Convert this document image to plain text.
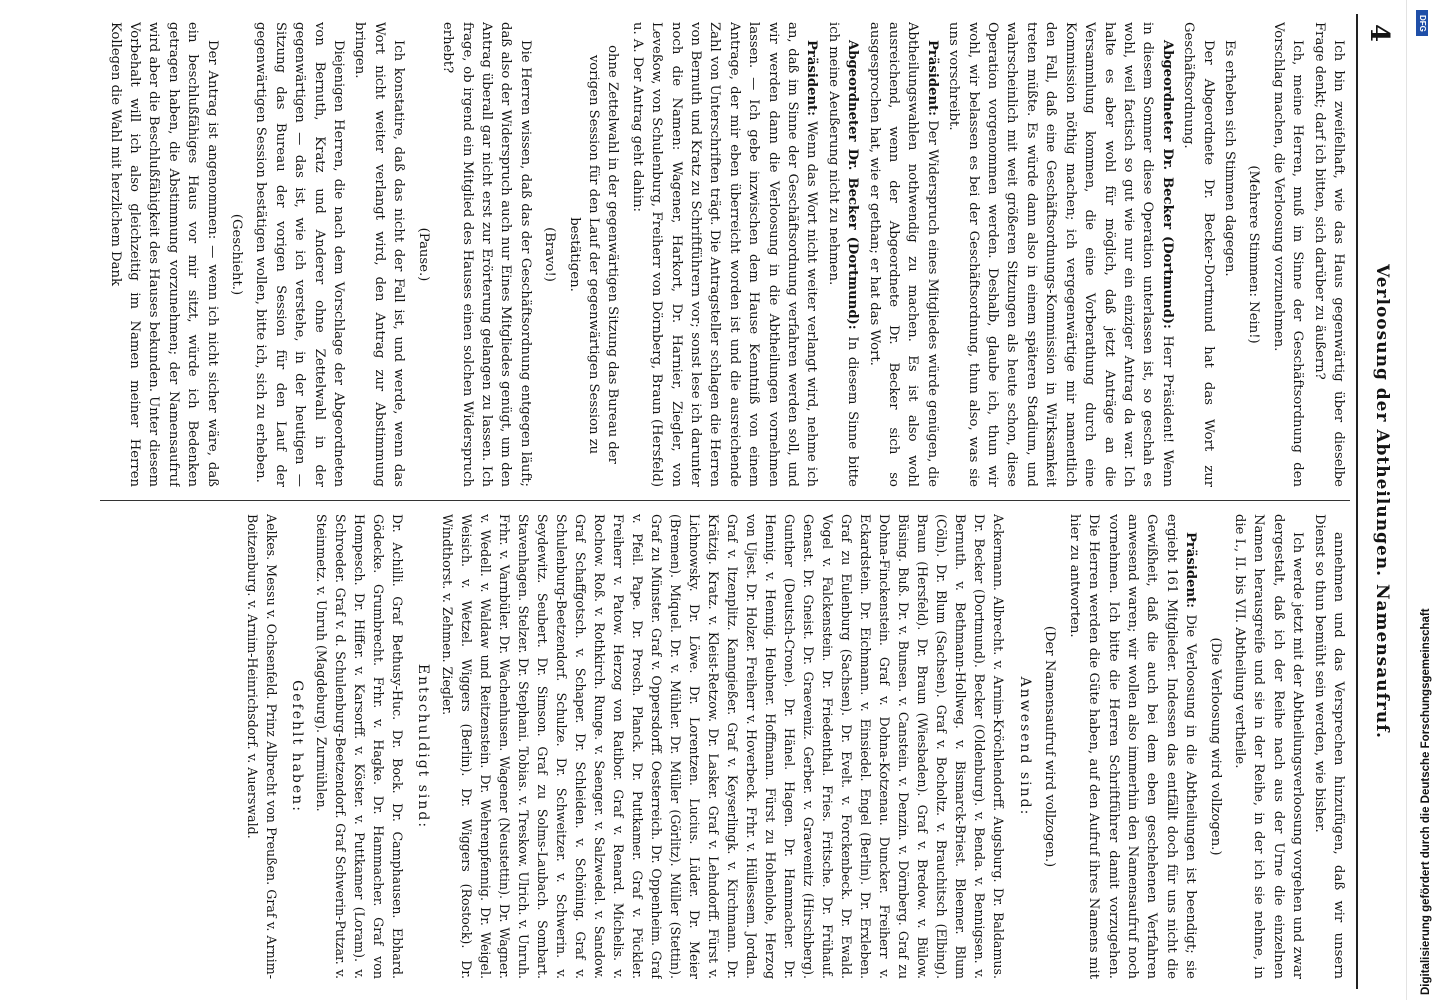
4
Verloosung der Abtheilungen. Namensaufruf.
Ich bin zweifelhaft, wie das Haus gegenwärtig über dieselbe Frage denkt; darf ich bitten, sich darüber zu äußern?
Ich, meine Herren, muß im Sinne der Geschäftsordnung den Vorschlag machen, die Verloosung vorzunehmen.
(Mehrere Stimmen: Nein!)
Es erheben sich Stimmen dagegen.
Der Abgeordnete Dr. Becker-Dortmund hat das Wort zur Geschäftsordnung.
Abgeordneter Dr. Becker (Dortmund): Herr Präsident! Wenn in diesem Sommer diese Operation unterlassen ist, so geschah es wohl, weil factisch so gut wie nur ein einziger Antrag da war. Ich halte es aber wohl für möglich, daß jetzt Anträge an die Versammlung kommen, die eine Vorberathung durch eine Kommission nöthig machen; ich vergegenwärtige mir namentlich den Fall, daß eine Geschäftsordnungs-Kommission in Wirksamkeit treten müßte. Es würde dann also in einem späteren Stadium, und wahrscheinlich mit weit größeren Sitzungen als heute schon, diese Operation vorgenommen werden. Deshalb, glaube ich, thun wir wohl, wir belassen es bei der Geschäftsordnung, thun also, was sie uns vorschreibt.
Präsident: Der Widerspruch eines Mitgliedes würde genügen, die Abtheilungswahlen nothwendig zu machen. Es ist also wohl ausreichend, wenn der Abgeordnete Dr. Becker sich so ausgesprochen hat, wie er gethan; er hat das Wort.
Abgeordneter Dr. Becker (Dortmund): In diesem Sinne bitte ich meine Aeußerung nicht zu nehmen.
Präsident: Wenn das Wort nicht weiter verlangt wird, nehme ich an, daß im Sinne der Geschäftsordnung verfahren werden soll, und wir werden dann die Verloosung in die Abtheilungen vornehmen lassen. — Ich gebe inzwischen dem Hause Kenntniß von einem Antrage, der mir eben überreicht worden ist und die ausreichende Zahl von Unterschriften trägt. Die Antragsteller schlagen die Herren von Bernuth und Kratz zu Schriftführern vor; sonst lese ich darunter noch die Namen: Wagener, Harkort, Dr. Harnier, Ziegler, von Leveßow, von Schulenburg, Freiherr von Dörnberg, Braun (Hersfeld) u. A. Der Antrag geht dahin:
ohne Zettelwahl in der gegenwärtigen Sitzung das Bureau der vorigen Session für den Lauf der gegenwärtigen Session zu bestätigen.
(Bravo!)
Die Herren wissen, daß das der Geschäftsordnung entgegen läuft; daß also der Widerspruch auch nur Eines Mitgliedes genügt, um den Antrag überall gar nicht erst zur Erörterung gelangen zu lassen. Ich frage, ob irgend ein Mitglied des Hauses einen solchen Widerspruch erhebt?
(Pause.)
Ich konstatire, daß das nicht der Fall ist, und werde, wenn das Wort nicht weiter verlangt wird, den Antrag zur Abstimmung bringen.
Diejenigen Herren, die nach dem Vorschlage der Abgeordneten von Bernuth, Kratz und Anderer ohne Zettelwahl in der gegenwärtigen — das ist, wie ich verstehe, in der heutigen — Sitzung das Bureau der vorigen Session für den Lauf der gegenwärtigen Session bestätigen wollen, bitte ich, sich zu erheben.
(Geschieht.)
Der Antrag ist angenommen: — wenn ich nicht sicher wäre, daß ein beschlußfähiges Haus vor mir sitzt, würde ich Bedenken getragen haben, die Abstimmung vorzunehmen; der Namensaufruf wird aber die Beschlußfähigkeit des Hauses bekunden. Unter diesem Vorbehalt will ich also gleichzeitig im Namen meiner Herren Kollegen die Wahl mit herzlichem Dank
annehmen und das Versprechen hinzufügen, daß wir unsern Dienst so thun bemüht sein werden, wie bisher.
Ich werde jetzt mit der Abtheilungsverloosung vorgehen und zwar dergestalt, daß ich der Reihe nach aus der Urne die einzelnen Namen herausgreife und sie in der Reihe, in der ich sie nehme, in die I., II. bis VII. Abtheilung vertheile.
(Die Verloosung wird vollzogen.)
Präsident: Die Verloosung in die Abtheilungen ist beendigt; sie ergiebt 161 Mitglieder. Indessen das entfällt doch für uns nicht die Gewißheit, daß die auch bei dem eben geschehenen Verfahren anwesend waren; wir wollen also immerhin den Namensaufruf noch vornehmen. Ich bitte die Herren Schriftführer damit vorzugehen. Die Herren werden die Güte haben, auf den Aufruf ihres Namens mit hier zu antworten.
(Der Namensaufruf wird vollzogen.)
Anwesend sind:
Ackermann. Albrecht. v. Arnim-Kröchlendorff. Augsburg. Dr. Baldamus. Dr. Becker (Dortmund). Becker (Oldenburg). v. Benda. v. Bennigsen. v. Bernuth. v. Bethmann-Hollweg. v. Bismarck-Briest. Bleemer. Blum (Cöln). Dr. Blum (Sachsen). Graf v. Bocholtz. v. Brauchitsch (Elbing). Braun (Hersfeld). Dr. Braun (Wiesbaden). Graf v. Bredow. v. Bülow. Büsing. Buß. Dr. v. Bunsen. v. Canstein. v. Denzin. v. Dörnberg. Graf zu Dohna-Finckenstein. Graf v. Dohna-Kotzenau. Duncker. Freiherr v. Eckardstein. Dr. Eichmann. v. Einsiedel. Engel (Berlin). Dr. Erxleben. Graf zu Eulenburg (Sachsen). Dr. Evelt. v. Forckenbeck. Dr. Ewald. Vogel v. Falckenstein. Dr. Friedenthal. Fries. Fritsche. Dr. Frühauf. Genast. Dr. Gneist. Dr. Graeveniz. Gerber. v. Graevenitz (Hirschberg). Gunther (Deutsch-Crone). Dr. Hänel. Hagen. Dr. Hammacher. Dr. Hennig. v. Hennig. Heubner. Hoffmann. Fürst zu Hohenlohe, Herzog von Ujest. Dr. Holzer. Freiherr v. Hoverbeck. Frhr. v. Hüllessem. Jordan. Graf v. Itzenplitz. Kanngießer. Graf v. Keyserlingk. v. Kirchmann. Dr. Krätzig. Kratz. v. Kleist-Retzow. Dr. Lasker. Graf v. Lehndorff. Fürst v. Lichnowsky. Dr. Löwe. Dr. Lorentzen. Lucius. Lüder. Dr. Meier (Bremen). Miquel. Dr. v. Mühler. Dr. Müller (Görlitz). Müller (Stettin). Graf zu Münster. Graf v. Oppersdorff. Oesterreich. Dr. Oppenheim. Graf v. Pfeil. Pape. Dr. Prosch. Planck. Dr. Puttkamer. Graf v. Pückler. Freiherr v. Patow. Herzog von Ratibor. Graf v. Renard. Michelis. v. Rochow. Roß. v. Rothkirch. Runge. v. Saenger. v. Salzwedel. v. Sandow. Graf Schaffgotsch. v. Schaper. Dr. Schleiden. v. Schöning. Graf v. Schulenburg-Beetzendorf. Schulze. Dr. Schweitzer. v. Schwerin. v. Seydewitz. Seubert. Dr. Simson. Graf zu Solms-Laubach. Sombart. Stavenhagen. Stelzer. Dr. Stephani. Tobias. v. Treskow. Ulrich. v. Unruh. Frhr. v. Varnbüler. Dr. Wachenhusen. Wagener (Neustettin). Dr. Wagner. v. Wedell. v. Waldaw und Reitzenstein. Dr. Wehrenpfennig. Dr. Weigel. Weisich. v. Wetzel. Wiggers (Berlin). Dr. Wiggers (Rostock). Dr. Windthorst. v. Zehmen. Ziegler.
Entschuldigt sind:
Dr. Achilli. Graf Bethusy-Huc. Dr. Bock. Dr. Camphausen. Ebhard. Gödecke. Grumbrecht. Frhr. v. Hagke. Dr. Hammacher. Graf von Hompesch. Dr. Hiffer. v. Karsorff. v. Köster. v. Puttkamer (Loram). v. Schroeder. Graf v. d. Schulenburg-Beetzendorf. Graf Schwerin-Putzar. v. Steinmetz. v. Unruh (Magdeburg). Zurmühlen.
Gefehlt haben:
Aelkes. Messu v. Ochsenfeld. Prinz Albrecht von Preußen. Graf v. Arnim-Boitzenburg. v. Arnim-Heinrichsdorf. v. Auerswald.
DFG
Digitalisierung gefördert durch die Deutsche Forschungsgemeinschaft
